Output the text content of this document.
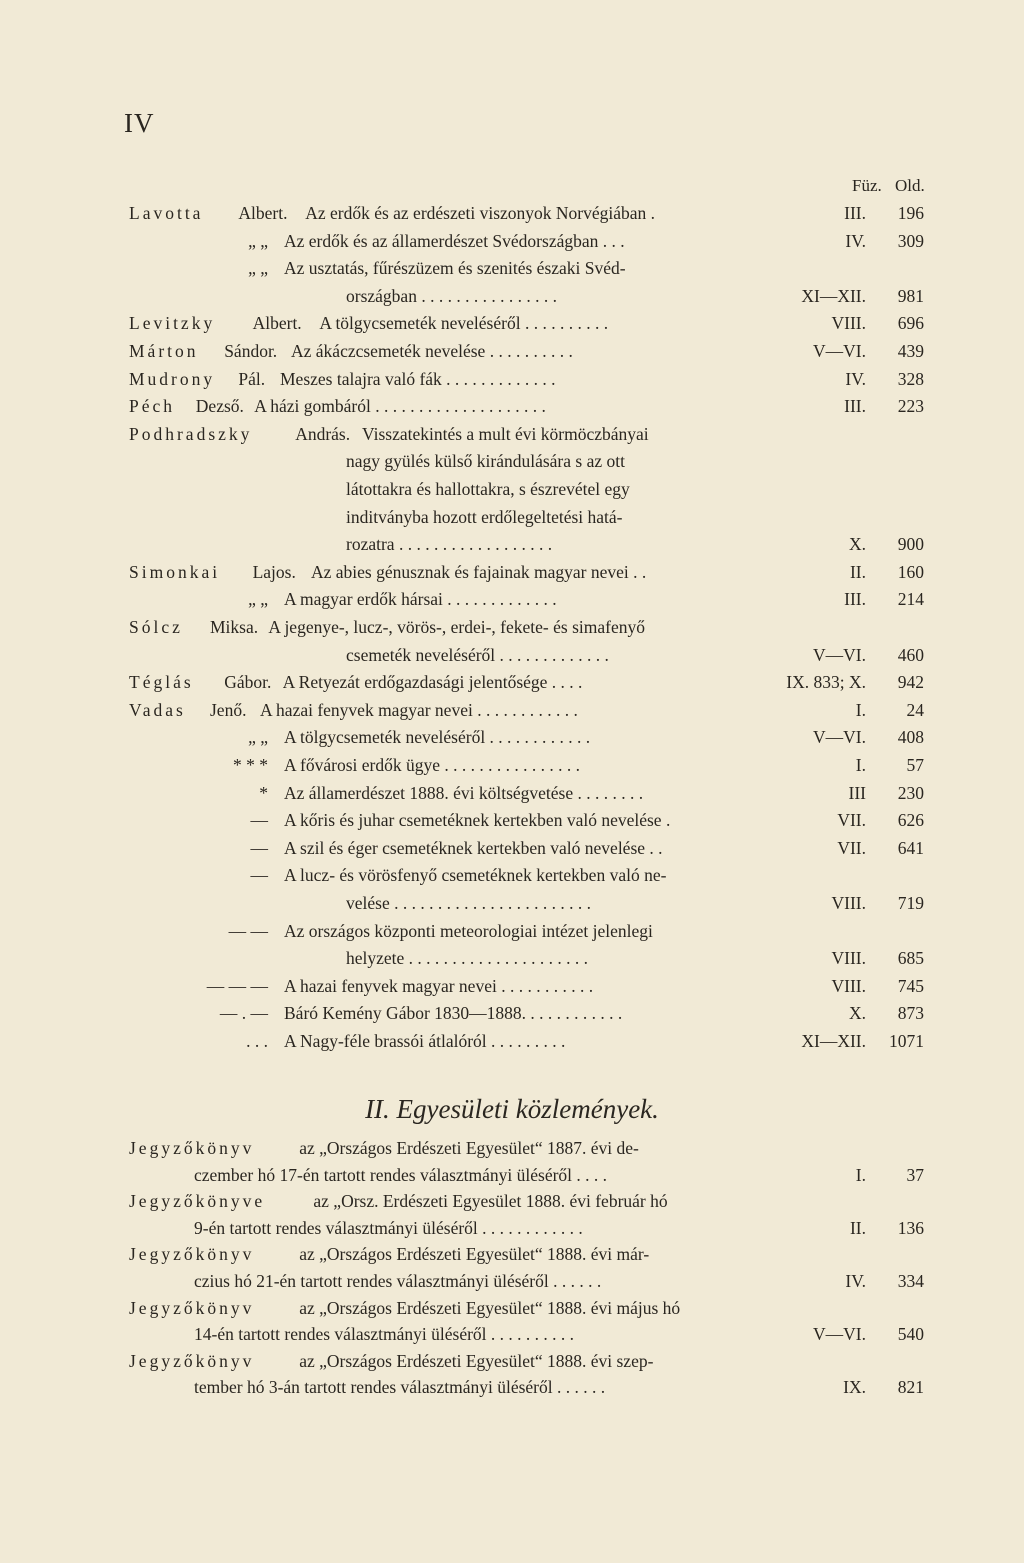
IV
Füz. Old.
Lavotta Albert. Az erdők és az erdészeti viszonyok Norvégiában .	III.	196
„ „ Az erdők és az államerdészet Svédországban . . .	IV.	309
„ „ Az usztatás, fűrészüzem és szenités északi Svéd-
országban . . . . . . . . . . . . . . . .	XI—XII.	981
Levitzky Albert. A tölgycsemeték neveléséről . . . . . . . . . .	VIII.	696
Márton Sándor. Az ákáczcsemeték nevelése . . . . . . . . . .	V—VI.	439
Mudrony Pál. Meszes talajra való fák . . . . . . . . . . . . .	IV.	328
Péch Dezső. A házi gombáról . . . . . . . . . . . . . . . . . . . .	III.	223
Podhradszky András. Visszatekintés a mult évi körmöczbányai
nagy gyülés külső kirándulására s az ott
látottakra és hallottakra, s észrevétel egy
inditványba hozott erdőlegeltetési hatá-
rozatra . . . . . . . . . . . . . . . . . .	X.	900
Simonkai Lajos. Az abies génusznak és fajainak magyar nevei . .	II.	160
„ „ A magyar erdők hársai . . . . . . . . . . . . .	III.	214
Sólcz Miksa. A jegenye-, lucz-, vörös-, erdei-, fekete- és simafenyő
csemeték neveléséről . . . . . . . . . . . . .	V—VI.	460
Téglás Gábor. A Retyezát erdőgazdasági jelentősége . . . .	IX. 833; X.	942
Vadas Jenő. A hazai fenyvek magyar nevei . . . . . . . . . . . .	I.	24
„ „ A tölgycsemeték neveléséről . . . . . . . . . . . .	V—VI.	408
* * * A fővárosi erdők ügye . . . . . . . . . . . . . . . .	I.	57
* Az államerdészet 1888. évi költségvetése . . . . . . . .	III	230
— A kőris és juhar csemetéknek kertekben való nevelése .	VII.	626
— A szil és éger csemetéknek kertekben való nevelése . .	VII.	641
— A lucz- és vörösfenyő csemetéknek kertekben való ne-
velése . . . . . . . . . . . . . . . . . . . . . . .	VIII.	719
— — Az országos központi meteorologiai intézet jelenlegi
helyzete . . . . . . . . . . . . . . . . . . . . .	VIII.	685
— — — A hazai fenyvek magyar nevei . . . . . . . . . . .	VIII.	745
— . — Báró Kemény Gábor 1830—1888. . . . . . . . . . . .	X.	873
. . . A Nagy-féle brassói átlalóról . . . . . . . . .	XI—XII.	1071
II. Egyesületi közlemények.
Jegyzőkönyv	az „Országos Erdészeti Egyesület“ 1887. évi de-
czember hó 17-én tartott rendes választmányi üléséről . . . .	I.	37
Jegyzőkönyve	az „Orsz. Erdészeti Egyesület 1888. évi február hó
9-én tartott rendes választmányi üléséről . . . . . . . . . . . .	II.	136
Jegyzőkönyv	az „Országos Erdészeti Egyesület“ 1888. évi már-
czius hó 21-én tartott rendes választmányi üléséről . . . . . .	IV.	334
Jegyzőkönyv	az „Országos Erdészeti Egyesület“ 1888. évi május hó
14-én tartott rendes választmányi üléséről . . . . . . . . . .	V—VI.	540
Jegyzőkönyv	az „Országos Erdészeti Egyesület“ 1888. évi szep-
tember hó 3-án tartott rendes választmányi üléséről . . . . . .	IX.	821
